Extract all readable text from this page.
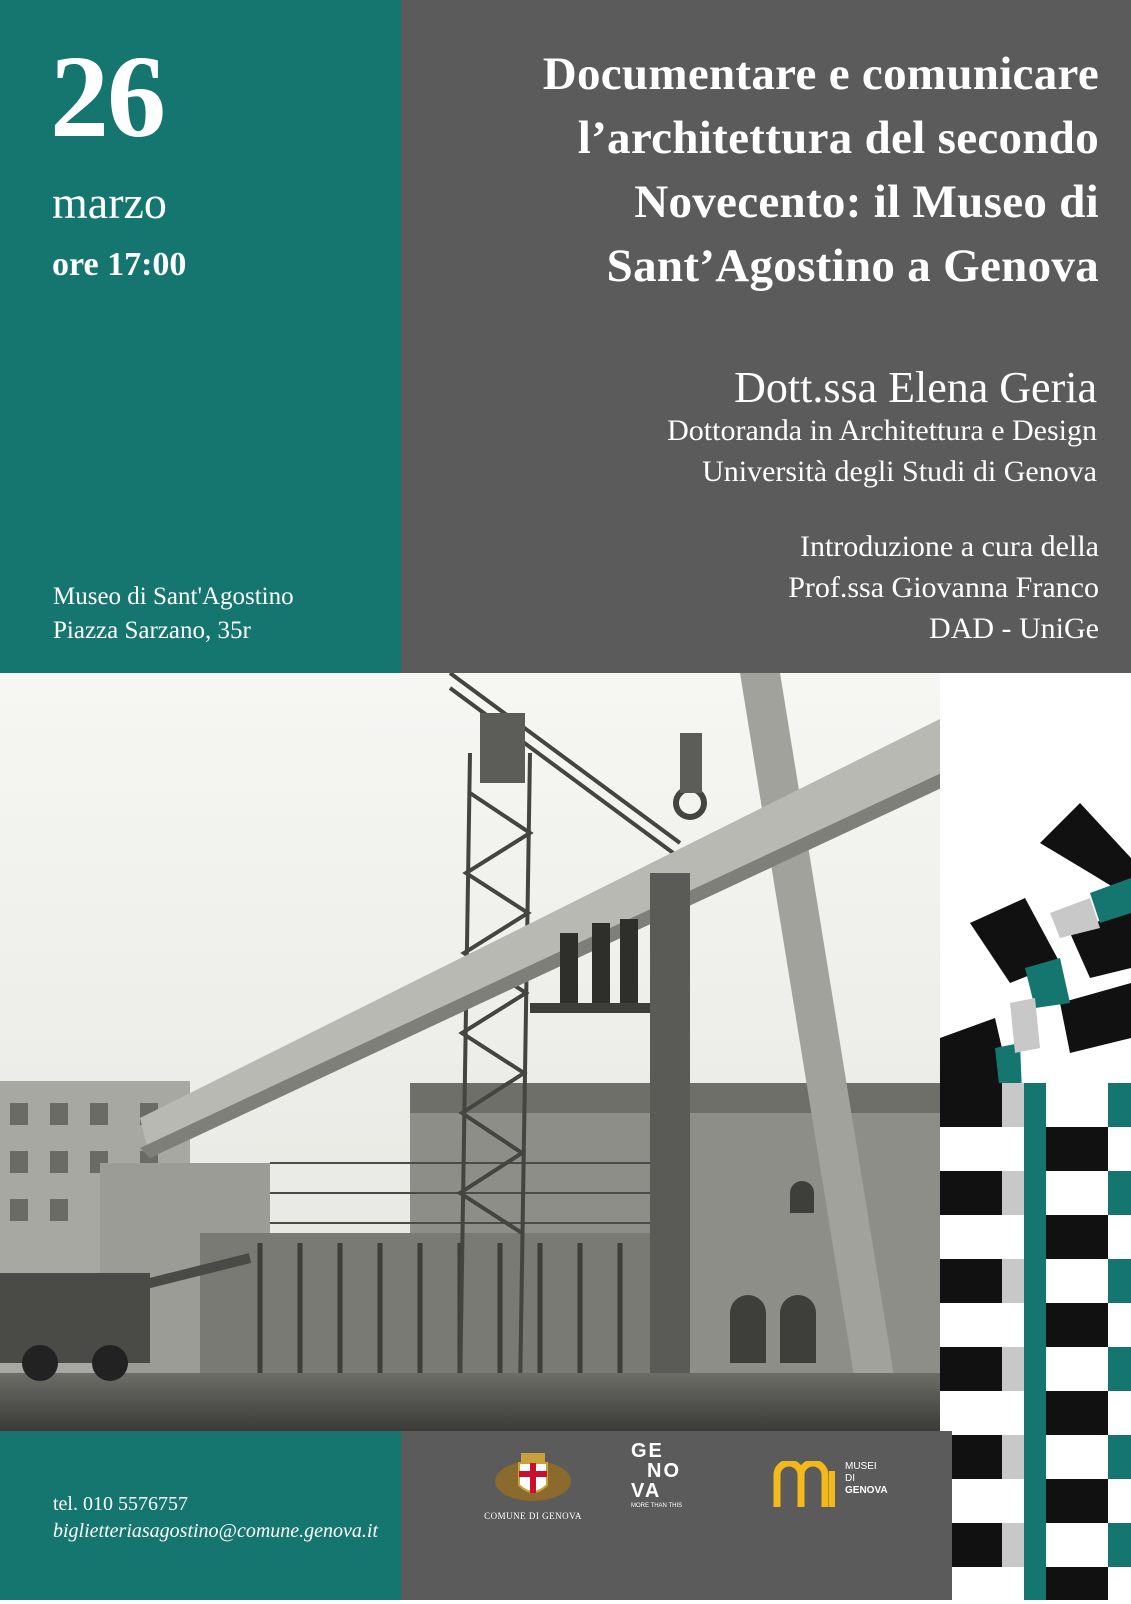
26
marzo
ore 17:00
Museo di Sant'Agostino
Piazza Sarzano, 35r
Documentare e comunicare
l’architettura del secondo
Novecento: il Museo di
Sant’Agostino a Genova
Dott.ssa Elena Geria
Dottoranda in Architettura e Design
Università degli Studi di Genova
Introduzione a cura della
Prof.ssa Giovanna Franco
DAD - UniGe
tel. 010 5576757
biglietteriasagostino@comune.genova.it
COMUNE DI GENOVA
GE
NO
VA
MORE THAN THIS
MUSEI
DI
GENOVA
